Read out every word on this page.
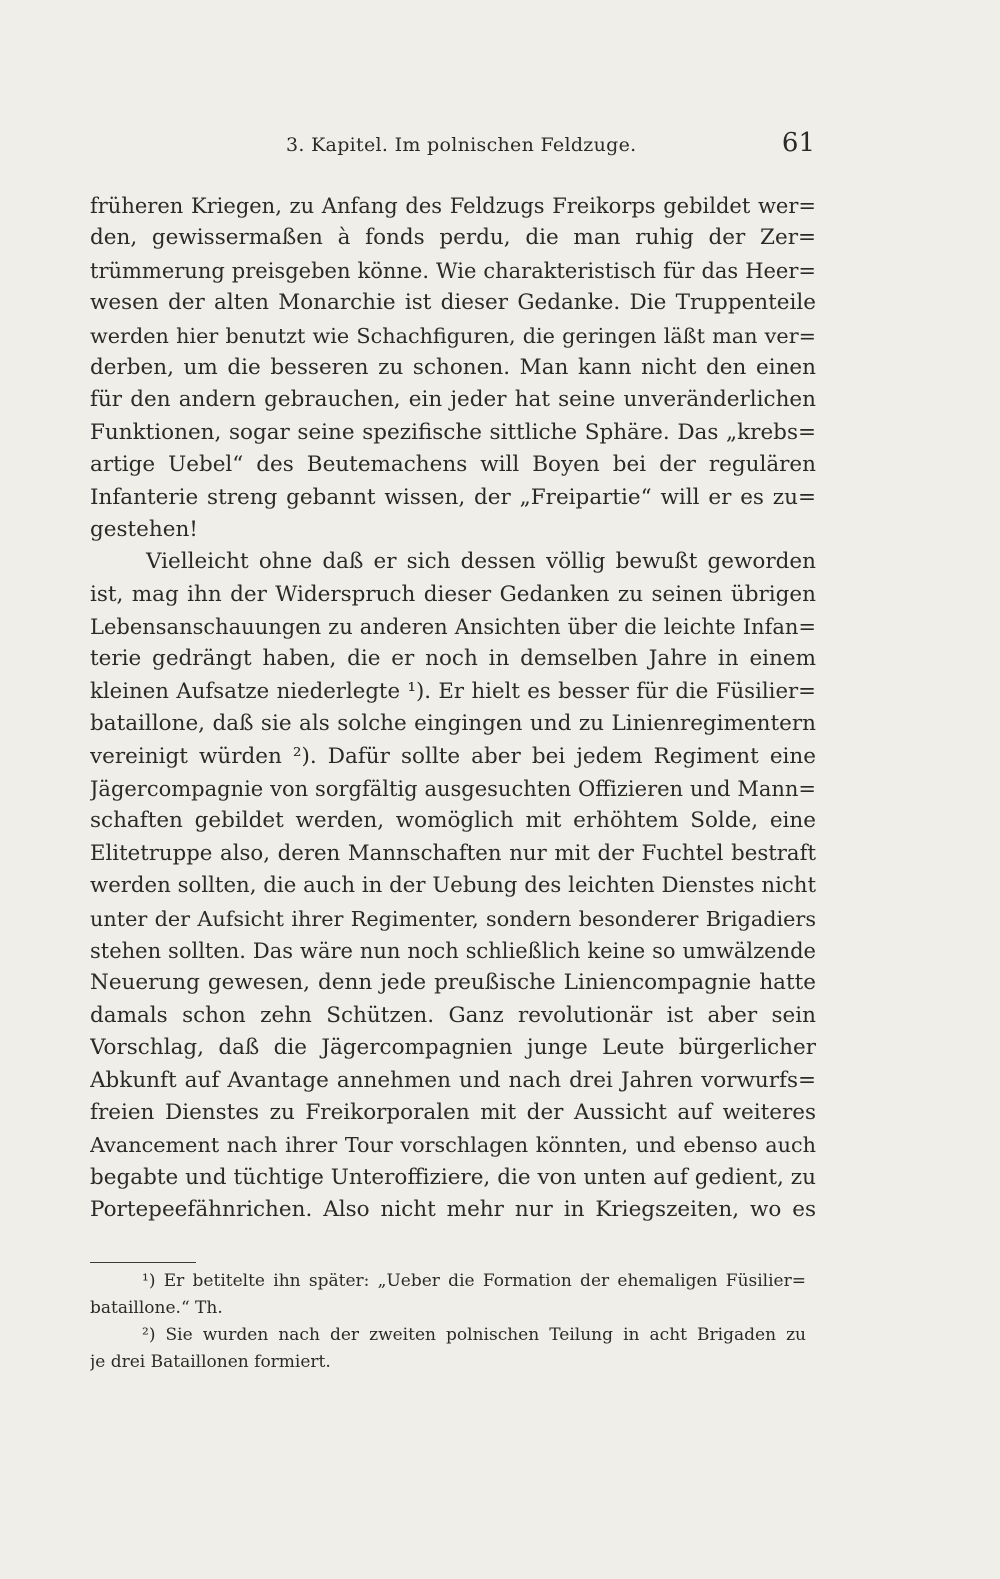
3. Kapitel. Im polnischen Feldzuge.	61
früheren Kriegen, zu Anfang des Feldzugs Freikorps gebildet wer=
den, gewissermaßen à fonds perdu, die man ruhig der Zer=
trümmerung preisgeben könne. Wie charakteristisch für das Heer=
wesen der alten Monarchie ist dieser Gedanke. Die Truppenteile
werden hier benutzt wie Schachfiguren, die geringen läßt man ver=
derben, um die besseren zu schonen. Man kann nicht den einen
für den andern gebrauchen, ein jeder hat seine unveränderlichen
Funktionen, sogar seine spezifische sittliche Sphäre. Das „krebs=
artige Uebel“ des Beutemachens will Boyen bei der regulären
Infanterie streng gebannt wissen, der „Freipartie“ will er es zu=
gestehen!
Vielleicht ohne daß er sich dessen völlig bewußt geworden
ist, mag ihn der Widerspruch dieser Gedanken zu seinen übrigen
Lebensanschauungen zu anderen Ansichten über die leichte Infan=
terie gedrängt haben, die er noch in demselben Jahre in einem
kleinen Aufsatze niederlegte ¹). Er hielt es besser für die Füsilier=
bataillone, daß sie als solche eingingen und zu Linienregimentern
vereinigt würden ²). Dafür sollte aber bei jedem Regiment eine
Jägercompagnie von sorgfältig ausgesuchten Offizieren und Mann=
schaften gebildet werden, womöglich mit erhöhtem Solde, eine
Elitetruppe also, deren Mannschaften nur mit der Fuchtel bestraft
werden sollten, die auch in der Uebung des leichten Dienstes nicht
unter der Aufsicht ihrer Regimenter, sondern besonderer Brigadiers
stehen sollten. Das wäre nun noch schließlich keine so umwälzende
Neuerung gewesen, denn jede preußische Liniencompagnie hatte
damals schon zehn Schützen. Ganz revolutionär ist aber sein
Vorschlag, daß die Jägercompagnien junge Leute bürgerlicher
Abkunft auf Avantage annehmen und nach drei Jahren vorwurfs=
freien Dienstes zu Freikorporalen mit der Aussicht auf weiteres
Avancement nach ihrer Tour vorschlagen könnten, und ebenso auch
begabte und tüchtige Unteroffiziere, die von unten auf gedient, zu
Portepeefähnrichen. Also nicht mehr nur in Kriegszeiten, wo es
¹) Er betitelte ihn später: „Ueber die Formation der ehemaligen Füsilier=
bataillone.“ Th.
²) Sie wurden nach der zweiten polnischen Teilung in acht Brigaden zu
je drei Bataillonen formiert.
